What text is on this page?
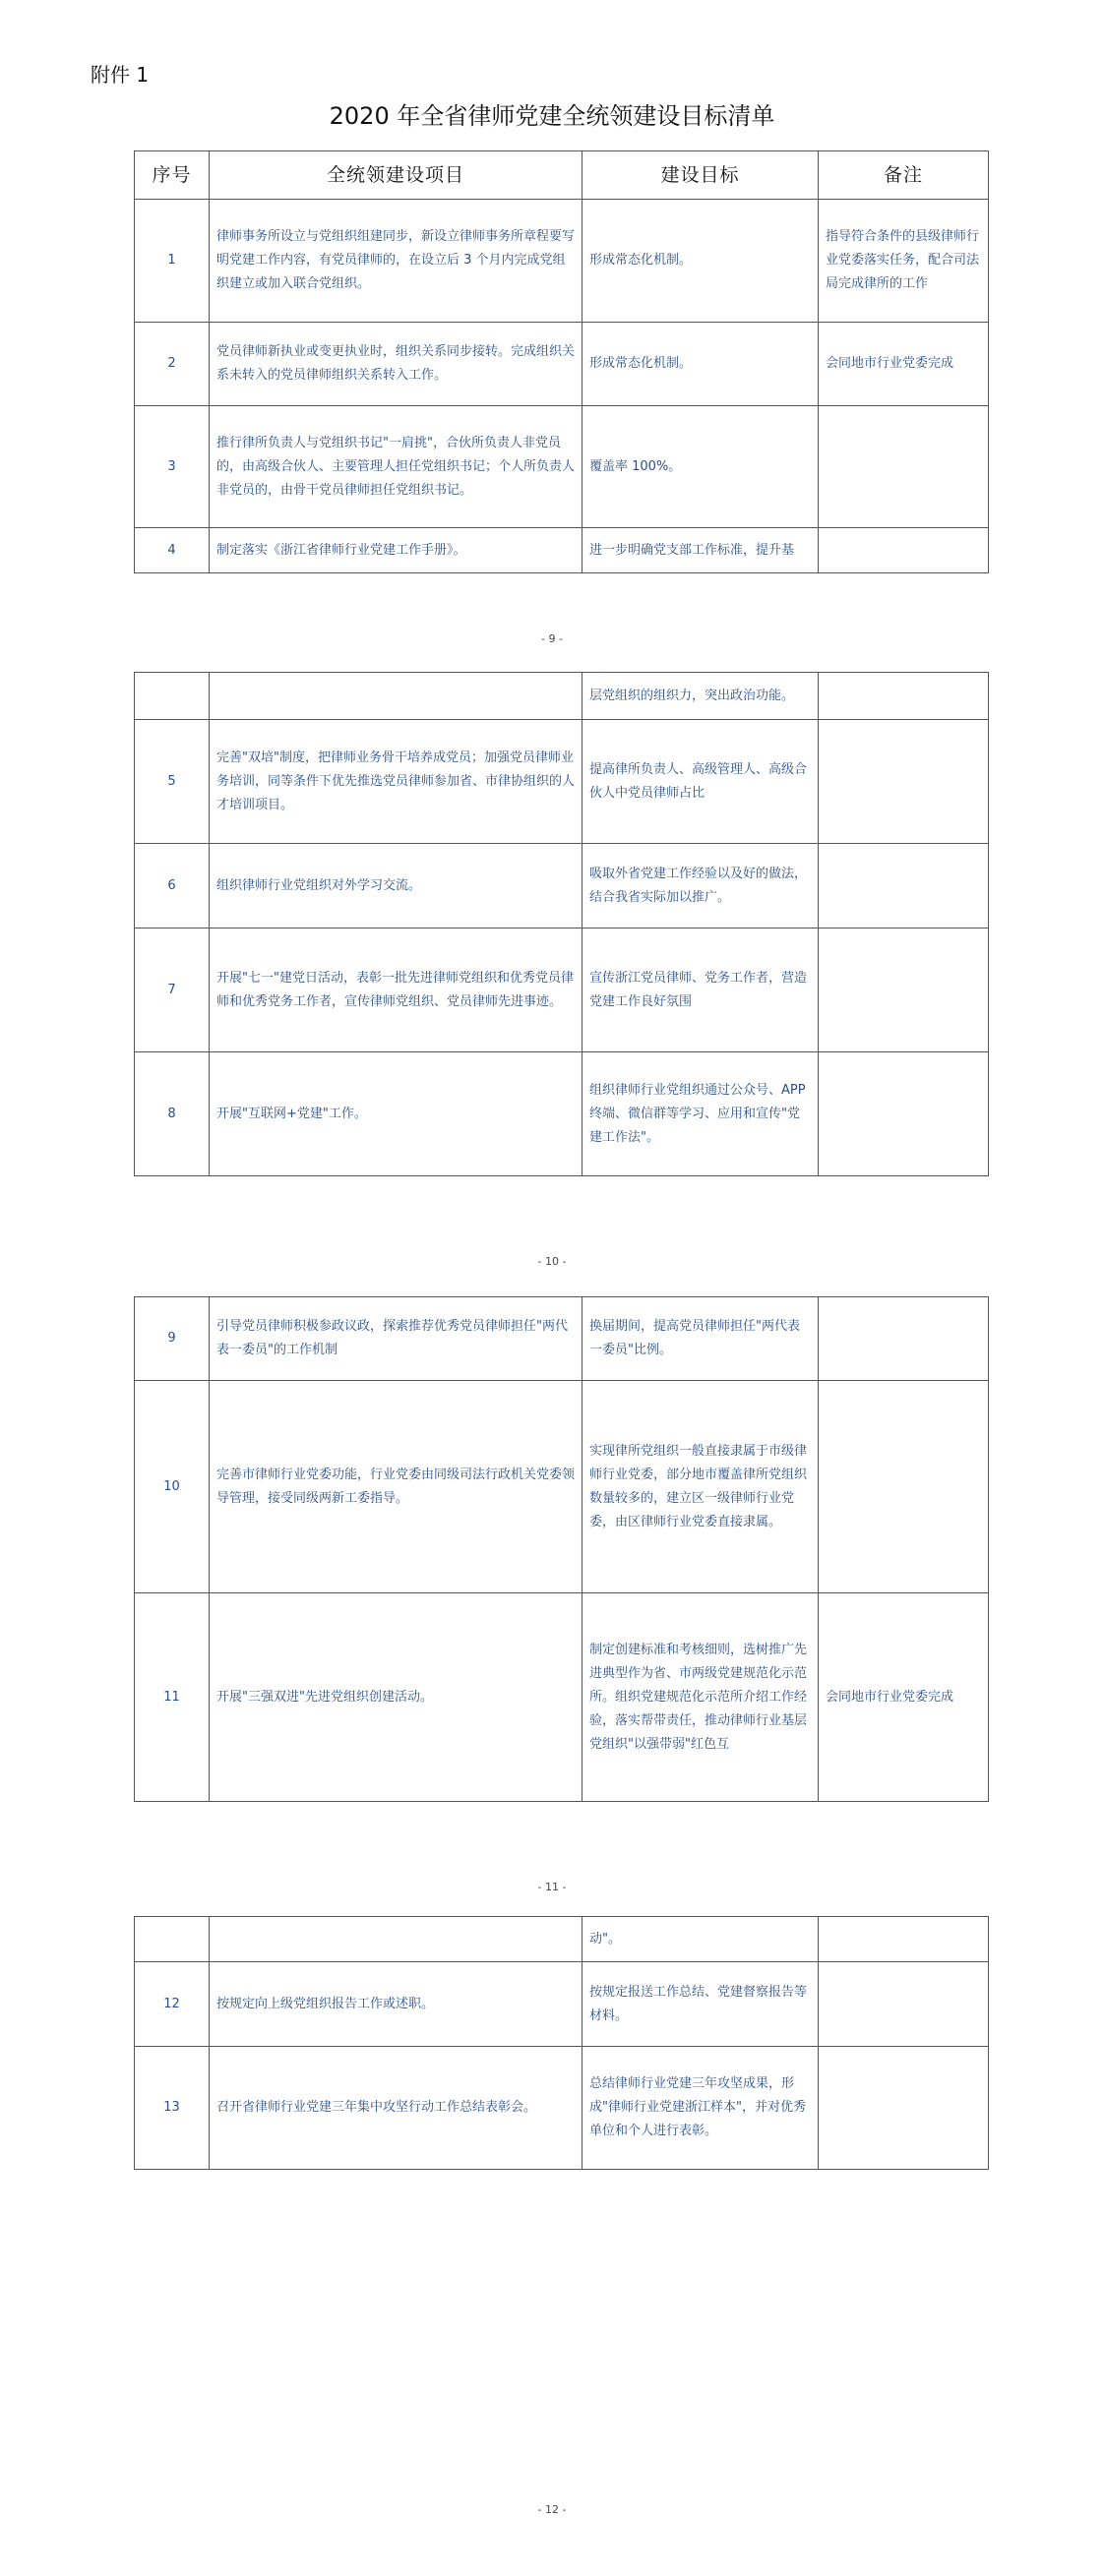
附件 1
2020 年全省律师党建全统领建设目标清单
序号	全统领建设项目	建设目标	备注
1	律师事务所设立与党组织组建同步，新设立律师事务所章程要写明党建工作内容，有党员律师的，在设立后 3 个月内完成党组织建立或加入联合党组织。	形成常态化机制。	指导符合条件的县级律师行业党委落实任务，配合司法局完成律所的工作
2	党员律师新执业或变更执业时，组织关系同步接转。完成组织关系未转入的党员律师组织关系转入工作。	形成常态化机制。	会同地市行业党委完成
3	推行律所负责人与党组织书记"一肩挑"，合伙所负责人非党员的，由高级合伙人、主要管理人担任党组织书记；个人所负责人非党员的，由骨干党员律师担任党组织书记。	覆盖率 100%。	
4	制定落实《浙江省律师行业党建工作手册》。	进一步明确党支部工作标准，提升基	
- 9 -
		层党组织的组织力，突出政治功能。	
5	完善"双培"制度，把律师业务骨干培养成党员；加强党员律师业务培训，同等条件下优先推选党员律师参加省、市律协组织的人才培训项目。	提高律所负责人、高级管理人、高级合伙人中党员律师占比	
6	组织律师行业党组织对外学习交流。	吸取外省党建工作经验以及好的做法，结合我省实际加以推广。	
7	开展"七一"建党日活动，表彰一批先进律师党组织和优秀党员律师和优秀党务工作者，宣传律师党组织、党员律师先进事迹。	宣传浙江党员律师、党务工作者，营造党建工作良好氛围	
8	开展"互联网+党建"工作。	组织律师行业党组织通过公众号、APP 终端、微信群等学习、应用和宣传"党建工作法"。	
- 10 -
9	引导党员律师积极参政议政，探索推荐优秀党员律师担任"两代表一委员"的工作机制	换届期间，提高党员律师担任"两代表一委员"比例。	
10	完善市律师行业党委功能，行业党委由同级司法行政机关党委领导管理，接受同级两新工委指导。	实现律所党组织一般直接隶属于市级律师行业党委，部分地市覆盖律所党组织数量较多的，建立区一级律师行业党委，由区律师行业党委直接隶属。	
11	开展"三强双进"先进党组织创建活动。	制定创建标准和考核细则，选树推广先进典型作为省、市两级党建规范化示范所。组织党建规范化示范所介绍工作经验，落实帮带责任，推动律师行业基层党组织"以强带弱"红色互	会同地市行业党委完成
- 11 -
		动"。	
12	按规定向上级党组织报告工作或述职。	按规定报送工作总结、党建督察报告等材料。	
13	召开省律师行业党建三年集中攻坚行动工作总结表彰会。	总结律师行业党建三年攻坚成果，形成"律师行业党建浙江样本"，并对优秀单位和个人进行表彰。	
- 12 -
